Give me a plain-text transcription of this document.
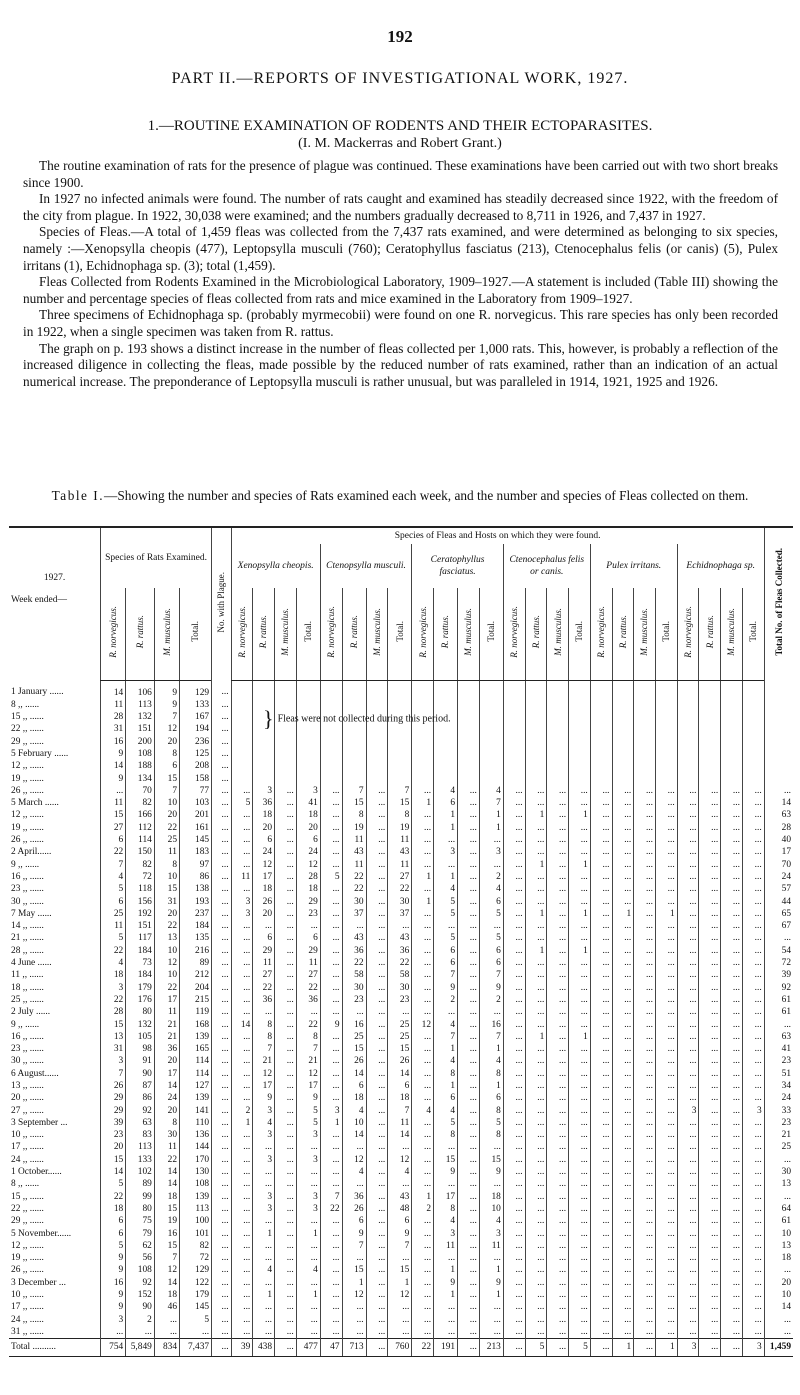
192
PART II.—REPORTS OF INVESTIGATIONAL WORK, 1927.
1.—ROUTINE EXAMINATION OF RODENTS AND THEIR ECTOPARASITES.
(I. M. Mackerras and Robert Grant.)

The routine examination of rats for the presence of plague was continued. These examinations have been carried out with two short breaks since 1900.

In 1927 no infected animals were found. The number of rats caught and examined has steadily decreased since 1922, with the freedom of the city from plague. In 1922, 30,038 were examined; and the numbers gradually decreased to 8,711 in 1926, and 7,437 in 1927.

Species of Fleas.—A total of 1,459 fleas was collected from the 7,437 rats examined, and were determined as belonging to six species, namely :—Xenopsylla cheopis (477), Leptopsylla musculi (760); Ceratophyllus fasciatus (213), Ctenocephalus felis (or canis) (5), Pulex irritans (1), Echidnophaga sp. (3); total (1,459).

Fleas Collected from Rodents Examined in the Microbiological Laboratory, 1909–1927.—A statement is included (Table III) showing the number and percentage species of fleas collected from rats and mice examined in the Laboratory from 1909–1927.

Three specimens of Echidnophaga sp. (probably myrmecobii) were found on one R. norvegicus. This rare species has only been recorded in 1922, when a single specimen was taken from R. rattus.

The graph on p. 193 shows a distinct increase in the number of fleas collected per 1,000 rats. This, however, is probably a reflection of the increased diligence in collecting the fleas, made possible by the reduced number of rats examined, rather than an indication of an actual numerical increase. The preponderance of Leptopsylla musculi is rather unusual, but was paralleled in 1914, 1921, 1925 and 1926.

Table I.—Showing the number and species of Rats examined each week, and the number and species of Fleas collected on them.
1927.
Week ended—	Species of Rats Examined.				No. with Plague.	Species of Fleas and Hosts on which they were found.																								Total No. of Fleas Collected.
						Xenopsylla cheopis.				Ctenopsylla musculi.				Ceratophyllus fasciatus.				Ctenocephalus felis or canis.				Pulex irritans.				Echidnophaga sp.				
	R. norvegicus.	R. rattus.	M. musculus.	Total.		R. norvegicus.	R. rattus.	M. musculus.	Total.	R. norvegicus.	R. rattus.	M. musculus.	Total.	R. norvegicus.	R. rattus.	M. musculus.	Total.	R. norvegicus.	R. rattus.	M. musculus.	Total.	R. norvegicus.	R. rattus.	M. musculus.	Total.	R. norvegicus.	R. rattus.	M. musculus.	Total.	
1 January ......	14	106	9	129	...																									
8 ,, ......	11	113	9	133	...																									
15 ,, ......	28	132	7	167	...																									
22 ,, ......	31	151	12	194	...																									
29 ,, ......	16	200	20	236	...																									
5 February ......	9	108	8	125	...																									
12 ,, ......	14	188	6	208	...																									
19 ,, ......	9	134	15	158	...																									
26 ,, ......	...	70	7	77	...	...	3	...	3	...	7	...	7	...	4	...	4	...	...	...	...	...	...	...	...	...	...	...	...	...
5 March ......	11	82	10	103	...	5	36	...	41	...	15	...	15	1	6	...	7	...	...	...	...	...	...	...	...	...	...	...	...	14
12 ,, ......	15	166	20	201	...	...	18	...	18	...	8	...	8	...	1	...	1	...	1	...	1	...	...	...	...	...	...	...	...	63
19 ,, ......	27	112	22	161	...	...	20	...	20	...	19	...	19	...	1	...	1	...	...	...	...	...	...	...	...	...	...	...	...	28
26 ,, ......	6	114	25	145	...	...	6	...	6	...	11	...	11	...	...	...	...	...	...	...	...	...	...	...	...	...	...	...	...	40
2 April......	22	150	11	183	...	...	24	...	24	...	43	...	43	...	3	...	3	...	...	...	...	...	...	...	...	...	...	...	...	17
9 ,, ......	7	82	8	97	...	...	12	...	12	...	11	...	11	...	...	...	...	...	1	...	1	...	...	...	...	...	...	...	...	70
16 ,, ......	4	72	10	86	...	11	17	...	28	5	22	...	27	1	1	...	2	...	...	...	...	...	...	...	...	...	...	...	...	24
23 ,, ......	5	118	15	138	...	...	18	...	18	...	22	...	22	...	4	...	4	...	...	...	...	...	...	...	...	...	...	...	...	57
30 ,, ......	6	156	31	193	...	3	26	...	29	...	30	...	30	1	5	...	6	...	...	...	...	...	...	...	...	...	...	...	...	44
7 May ......	25	192	20	237	...	3	20	...	23	...	37	...	37	...	5	...	5	...	1	...	1	...	1	...	1	...	...	...	...	65
14 ,, ......	11	151	22	184	...	...	...	...	...	...	...	...	...	...	...	...	...	...	...	...	...	...	...	...	...	...	...	...	...	67
21 ,, ......	5	117	13	135	...	...	6	...	6	...	43	...	43	...	5	...	5	...	...	...	...	...	...	...	...	...	...	...	...	...
28 ,, ......	22	184	10	216	...	...	29	...	29	...	36	...	36	...	6	...	6	...	1	...	1	...	...	...	...	...	...	...	...	54
4 June ......	4	73	12	89	...	...	11	...	11	...	22	...	22	...	6	...	6	...	...	...	...	...	...	...	...	...	...	...	...	72
11 ,, ......	18	184	10	212	...	...	27	...	27	...	58	...	58	...	7	...	7	...	...	...	...	...	...	...	...	...	...	...	...	39
18 ,, ......	3	179	22	204	...	...	22	...	22	...	30	...	30	...	9	...	9	...	...	...	...	...	...	...	...	...	...	...	...	92
25 ,, ......	22	176	17	215	...	...	36	...	36	...	23	...	23	...	2	...	2	...	...	...	...	...	...	...	...	...	...	...	...	61
2 July ......	28	80	11	119	...	...	...	...	...	...	...	...	...	...	...	...	...	...	...	...	...	...	...	...	...	...	...	...	...	61
9 ,, ......	15	132	21	168	...	14	8	...	22	9	16	...	25	12	4	...	16	...	...	...	...	...	...	...	...	...	...	...	...	...
16 ,, ......	13	105	21	139	...	...	8	...	8	...	25	...	25	...	7	...	7	...	1	...	1	...	...	...	...	...	...	...	...	63
23 ,, ......	31	98	36	165	...	...	7	...	7	...	15	...	15	...	1	...	1	...	...	...	...	...	...	...	...	...	...	...	...	41
30 ,, ......	3	91	20	114	...	...	21	...	21	...	26	...	26	...	4	...	4	...	...	...	...	...	...	...	...	...	...	...	...	23
6 August......	7	90	17	114	...	...	12	...	12	...	14	...	14	...	8	...	8	...	...	...	...	...	...	...	...	...	...	...	...	51
13 ,, ......	26	87	14	127	...	...	17	...	17	...	6	...	6	...	1	...	1	...	...	...	...	...	...	...	...	...	...	...	...	34
20 ,, ......	29	86	24	139	...	...	9	...	9	...	18	...	18	...	6	...	6	...	...	...	...	...	...	...	...	...	...	...	...	24
27 ,, ......	29	92	20	141	...	2	3	...	5	3	4	...	7	4	4	...	8	...	...	...	...	...	...	...	...	3	...	...	3	33
3 September ...	39	63	8	110	...	1	4	...	5	1	10	...	11	...	5	...	5	...	...	...	...	...	...	...	...	...	...	...	...	23
10 ,, ......	23	83	30	136	...	...	3	...	3	...	14	...	14	...	8	...	8	...	...	...	...	...	...	...	...	...	...	...	...	21
17 ,, ......	20	113	11	144	...	...	...	...	...	...	...	...	...	...	...	...	...	...	...	...	...	...	...	...	...	...	...	...	...	25
24 ,, ......	15	133	22	170	...	...	3	...	3	...	12	...	12	...	15	...	15	...	...	...	...	...	...	...	...	...	...	...	...	...
1 October......	14	102	14	130	...	...	...	...	...	...	4	...	4	...	9	...	9	...	...	...	...	...	...	...	...	...	...	...	...	30
8 ,, ......	5	89	14	108	...	...	...	...	...	...	...	...	...	...	...	...	...	...	...	...	...	...	...	...	...	...	...	...	...	13
15 ,, ......	22	99	18	139	...	...	3	...	3	7	36	...	43	1	17	...	18	...	...	...	...	...	...	...	...	...	...	...	...	...
22 ,, ......	18	80	15	113	...	...	3	...	3	22	26	...	48	2	8	...	10	...	...	...	...	...	...	...	...	...	...	...	...	64
29 ,, ......	6	75	19	100	...	...	...	...	...	...	6	...	6	...	4	...	4	...	...	...	...	...	...	...	...	...	...	...	...	61
5 November......	6	79	16	101	...	...	1	...	1	...	9	...	9	...	3	...	3	...	...	...	...	...	...	...	...	...	...	...	...	10
12 ,, ......	5	62	15	82	...	...	...	...	...	...	7	...	7	...	11	...	11	...	...	...	...	...	...	...	...	...	...	...	...	13
19 ,, ......	9	56	7	72	...	...	...	...	...	...	...	...	...	...	...	...	...	...	...	...	...	...	...	...	...	...	...	...	...	18
26 ,, ......	9	108	12	129	...	...	4	...	4	...	15	...	15	...	1	...	1	...	...	...	...	...	...	...	...	...	...	...	...	...
3 December ...	16	92	14	122	...	...	...	...	...	...	1	...	1	...	9	...	9	...	...	...	...	...	...	...	...	...	...	...	...	20
10 ,, ......	9	152	18	179	...	...	1	...	1	...	12	...	12	...	1	...	1	...	...	...	...	...	...	...	...	...	...	...	...	10
17 ,, ......	9	90	46	145	...	...	...	...	...	...	...	...	...	...	...	...	...	...	...	...	...	...	...	...	...	...	...	...	...	14
24 ,, ......	3	2	...	5	...	...	...	...	...	...	...	...	...	...	...	...	...	...	...	...	...	...	...	...	...	...	...	...	...	...
31 ,, ......	...	...	...	...	...	...	...	...	...	...	...	...	...	...	...	...	...	...	...	...	...	...	...	...	...	...	...	...	...	...
Total ..........	754	5,849	834	7,437	...	39	438	...	477	47	713	...	760	22	191	...	213	...	5	...	5	...	1	...	1	3	...	...	3	1,459
} Fleas were not collected during this period.
